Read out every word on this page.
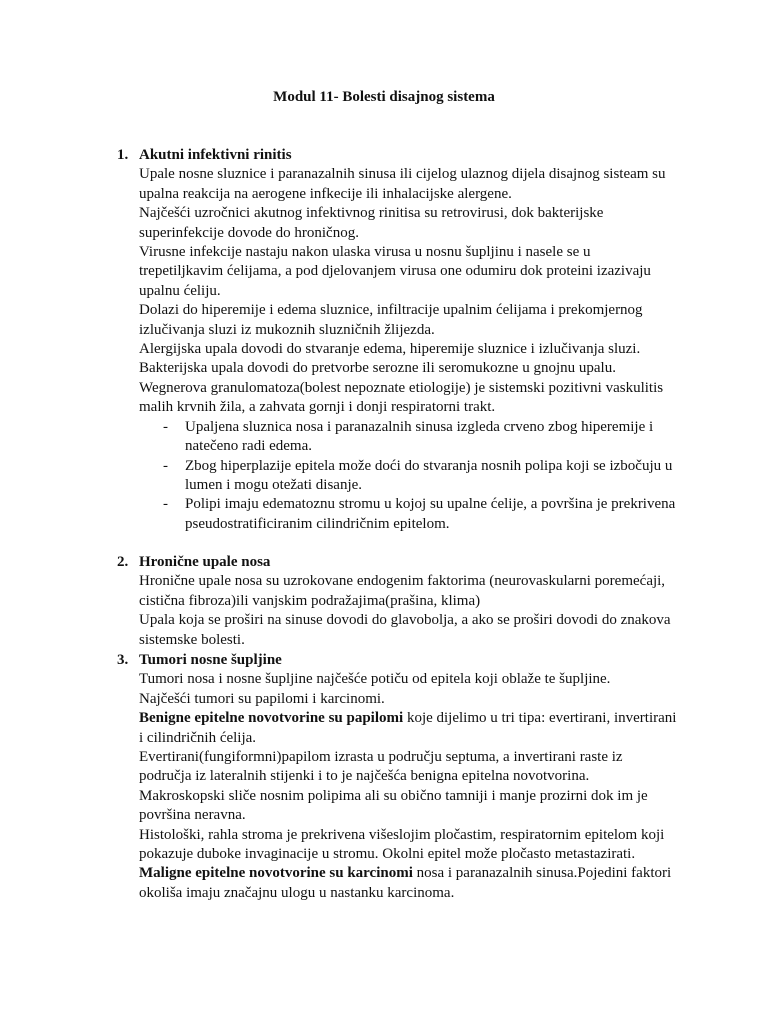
Modul 11- Bolesti disajnog sistema
1. Akutni infektivni rinitis

Upale nosne sluznice i paranazalnih sinusa ili cijelog ulaznog dijela disajnog sisteam su upalna reakcija na aerogene infkecije ili inhalacijske alergene.

Najčešći uzročnici akutnog infektivnog rinitisa su retrovirusi, dok bakterijske superinfekcije dovode do hroničnog.

Virusne infekcije nastaju nakon ulaska virusa u nosnu šupljinu i nasele se u trepetiljkavim ćelijama, a pod djelovanjem virusa one odumiru dok proteini izazivaju upalnu ćeliju.

Dolazi do hiperemije i edema sluznice, infiltracije upalnim ćelijama i prekomjernog izlučivanja sluzi iz mukoznih sluzničnih žlijezda.

Alergijska upala dovodi do stvaranje edema, hiperemije sluznice i izlučivanja sluzi.

Bakterijska upala dovodi do pretvorbe serozne ili seromukozne u gnojnu upalu.

Wegnerova granulomatoza(bolest nepoznate etiologije) je sistemski pozitivni vaskulitis malih krvnih žila, a zahvata gornji i donji respiratorni trakt.

- Upaljena sluznica nosa i paranazalnih sinusa izgleda crveno zbog hiperemije i natečeno radi edema.
- Zbog hiperplazije epitela može doći do stvaranja nosnih polipa koji se izbočuju u lumen i mogu otežati disanje.
- Polipi imaju edematoznu stromu u kojoj su upalne ćelije, a površina je prekrivena pseudostratificiranim cilindričnim epitelom.
2. Hronične upale nosa

Hronične upale nosa su uzrokovane endogenim faktorima (neurovaskularni poremećaji, cistična fibroza)ili vanjskim podražajima(prašina, klima)

Upala koja se proširi na sinuse dovodi do glavobolja, a ako se proširi dovodi do znakova sistemske bolesti.

3. Tumori nosne šupljine

Tumori nosa i nosne šupljine najčešće potiču od epitela koji oblaže te šupljine.

Najčešći tumori su papilomi i karcinomi.

Benigne epitelne novotvorine su papilomi koje dijelimo u tri tipa: evertirani, invertirani i cilindričnih ćelija.

Evertirani(fungiformni)papilom izrasta u području septuma, a invertirani raste iz područja iz lateralnih stijenki i to je najčešća benigna epitelna novotvorina.

Makroskopski sliče nosnim polipima ali su obično tamniji i manje prozirni dok im je površina neravna.

Histološki, rahla stroma je prekrivena višeslojim pločastim, respiratornim epitelom koji pokazuje duboke invaginacije u stromu. Okolni epitel može pločasto metastazirati.

Maligne epitelne novotvorine su karcinomi nosa i paranazalnih sinusa.Pojedini faktori okoliša imaju značajnu ulogu u nastanku karcinoma.
